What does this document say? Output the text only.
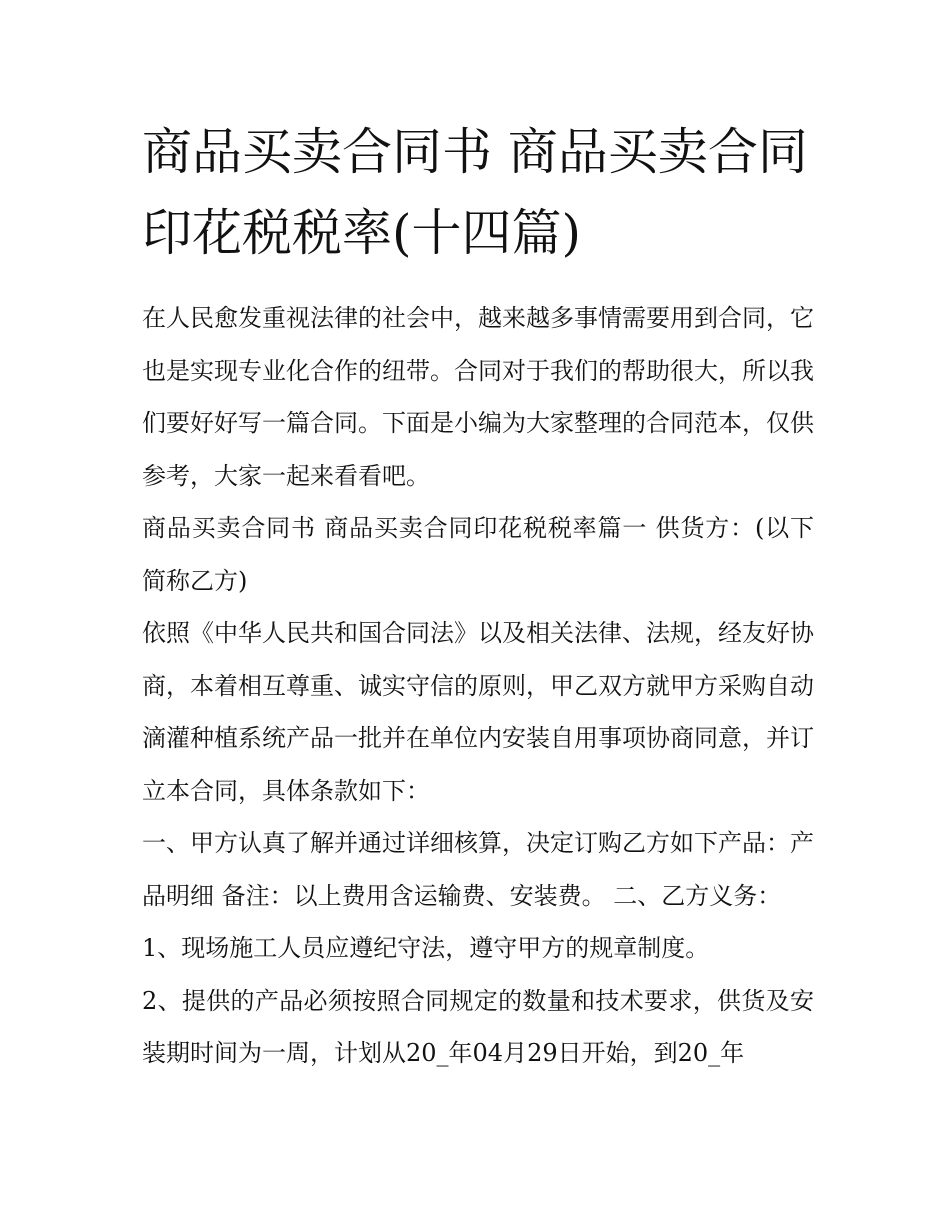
商品买卖合同书 商品买卖合同印花税税率(十四篇)

在人民愈发重视法律的社会中，越来越多事情需要用到合同，它也是实现专业化合作的纽带。合同对于我们的帮助很大，所以我们要好好写一篇合同。下面是小编为大家整理的合同范本，仅供参考，大家一起来看看吧。

商品买卖合同书 商品买卖合同印花税税率篇一 供货方：(以下简称乙方)

依照《中华人民共和国合同法》以及相关法律、法规，经友好协商，本着相互尊重、诚实守信的原则，甲乙双方就甲方采购自动滴灌种植系统产品一批并在单位内安装自用事项协商同意，并订立本合同，具体条款如下：

一、甲方认真了解并通过详细核算，决定订购乙方如下产品：产品明细 备注：以上费用含运输费、安装费。 二、乙方义务：

1、现场施工人员应遵纪守法，遵守甲方的规章制度。

2、提供的产品必须按照合同规定的数量和技术要求，供货及安装期时间为一周，计划从20_年04月29日开始，到20_年
